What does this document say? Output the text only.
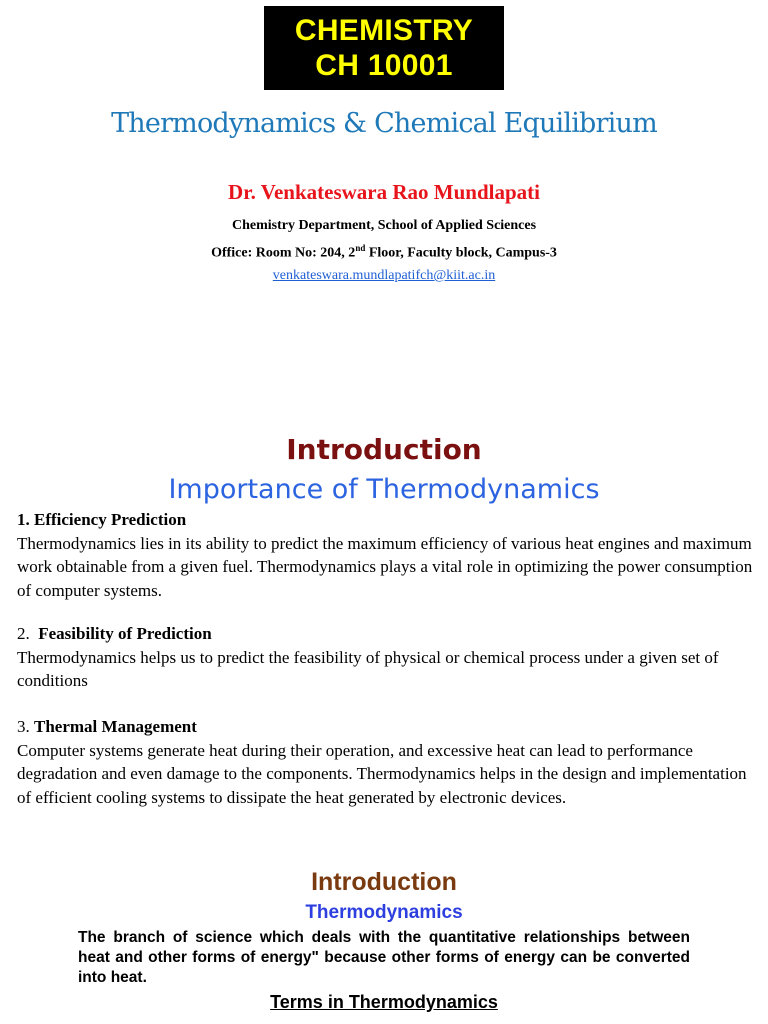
CHEMISTRY
CH 10001
Thermodynamics & Chemical Equilibrium
Dr. Venkateswara Rao Mundlapati
Chemistry Department, School of Applied Sciences
Office: Room No: 204, 2nd Floor, Faculty block, Campus-3
venkateswara.mundlapatifch@kiit.ac.in
Introduction
Importance of Thermodynamics
1. Efficiency Prediction
Thermodynamics lies in its ability to predict the maximum efficiency of various heat engines and maximum work obtainable from a given fuel. Thermodynamics plays a vital role in optimizing the power consumption of computer systems.
2. Feasibility of Prediction
Thermodynamics helps us to predict the feasibility of physical or chemical process under a given set of conditions
3. Thermal Management
Computer systems generate heat during their operation, and excessive heat can lead to performance degradation and even damage to the components. Thermodynamics helps in the design and implementation of efficient cooling systems to dissipate the heat generated by electronic devices.
Introduction
Thermodynamics
The branch of science which deals with the quantitative relationships between heat and other forms of energy" because other forms of energy can be converted into heat.
Terms in Thermodynamics
